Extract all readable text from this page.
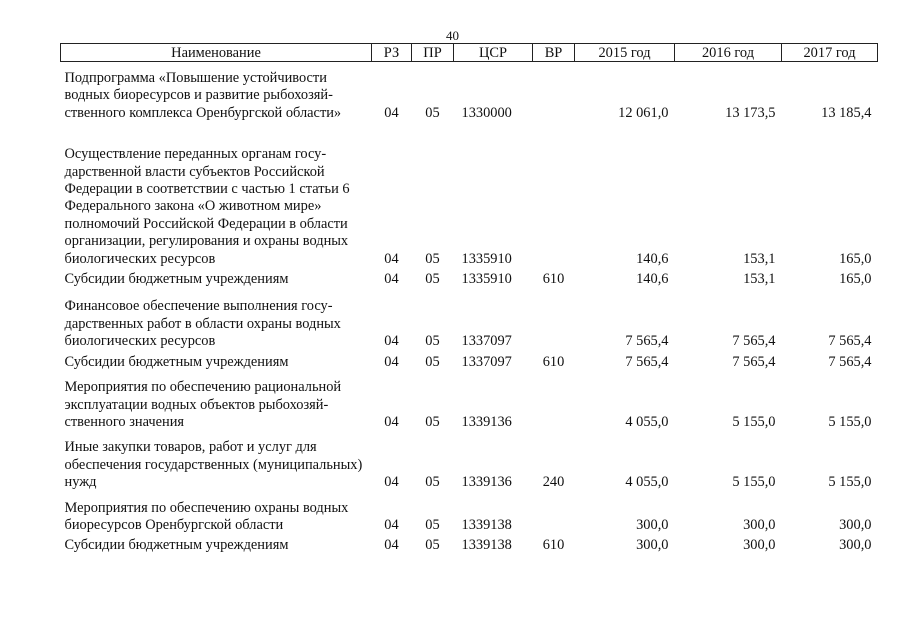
40
Наименование	РЗ	ПР	ЦСР	ВР	2015 год	2016 год	2017 год
Подпрограмма «Повышение устойчивости водных биоресурсов и развитие рыбохозяйственного комплекса Оренбургской области»	04	05	1330000		12 061,0	13 173,5	13 185,4
Осуществление переданных органам государственной власти субъектов Российской Федерации в соответствии с частью 1 статьи 6 Федерального закона «О животном мире» полномочий Российской Федерации в области организации, регулирования и охраны водных биологических ресурсов	04	05	1335910		140,6	153,1	165,0
Субсидии бюджетным учреждениям	04	05	1335910	610	140,6	153,1	165,0
Финансовое обеспечение выполнения государственных работ в области охраны водных биологических ресурсов	04	05	1337097		7 565,4	7 565,4	7 565,4
Субсидии бюджетным учреждениям	04	05	1337097	610	7 565,4	7 565,4	7 565,4
Мероприятия по обеспечению рациональной эксплуатации водных объектов рыбохозяйственного значения	04	05	1339136		4 055,0	5 155,0	5 155,0
Иные закупки товаров, работ и услуг для обеспечения государственных (муниципальных) нужд	04	05	1339136	240	4 055,0	5 155,0	5 155,0
Мероприятия по обеспечению охраны водных биоресурсов Оренбургской области	04	05	1339138		300,0	300,0	300,0
Субсидии бюджетным учреждениям	04	05	1339138	610	300,0	300,0	300,0
